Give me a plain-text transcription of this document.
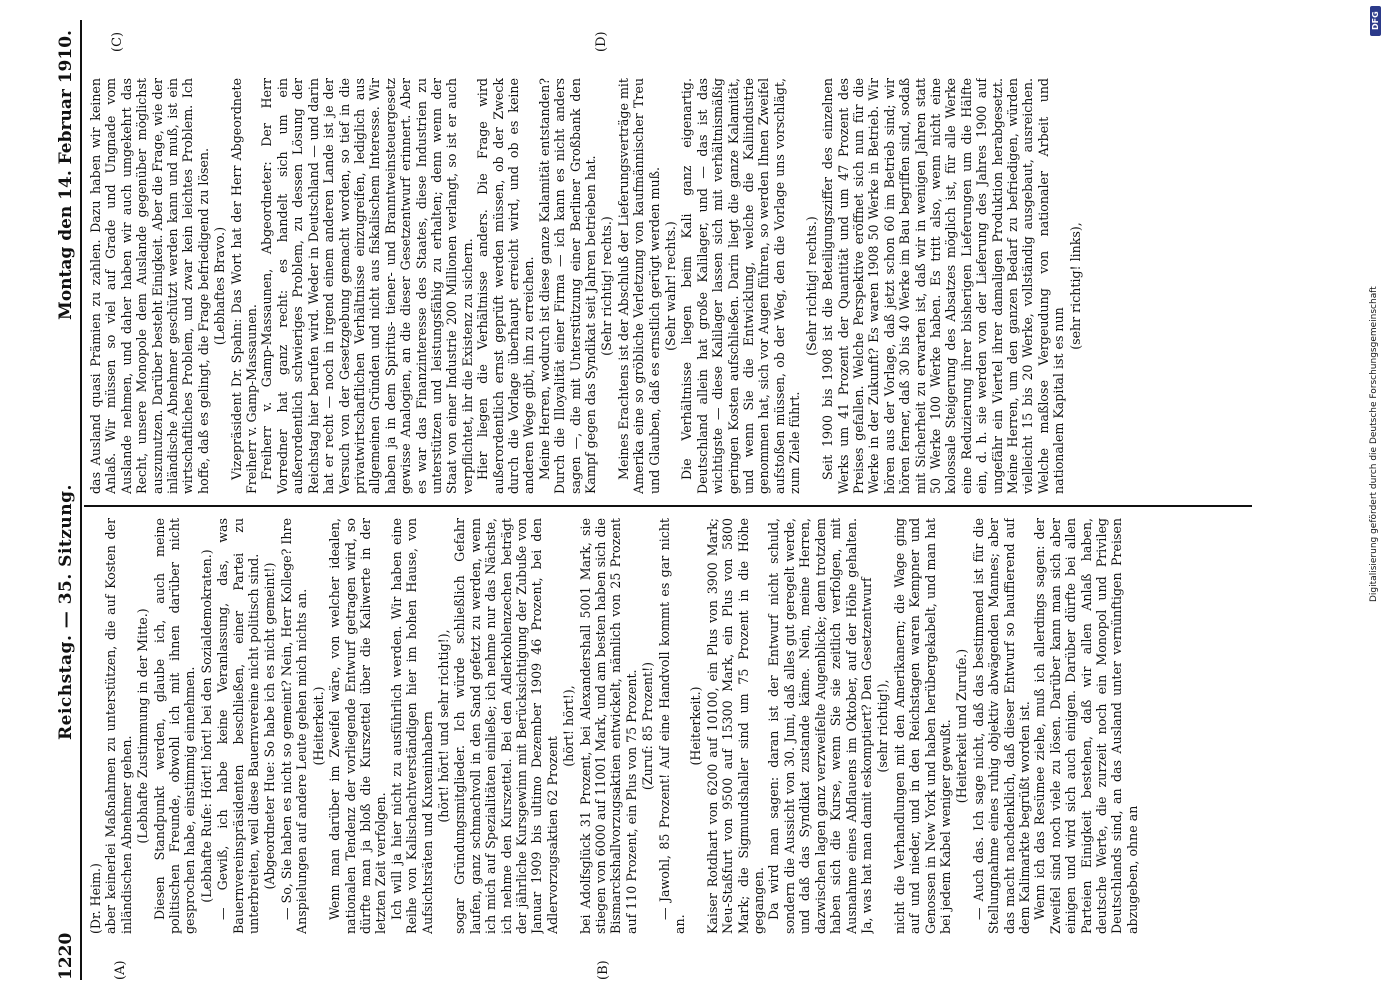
1220
Reichstag. — 35. Sitzung.
Montag den 14. Februar 1910.
(A)	(B)
(C)	(D)

(Dr. Heim.) aber keinerlei Maßnahmen zu unterstützen, die auf Kosten der inländischen Abnehmer gehen. (Lebhafte Zustimmung in der Mitte.) Diesen Standpunkt werden, glaube ich, auch meine politischen Freunde, obwohl ich mit ihnen darüber nicht gesprochen habe, einstimmig einnehmen. (Lebhafte Rufe: Hört! hört! bei den Sozialdemokraten.) — Gewiß, ich habe keine Veranlassung, das, was Bauernvereinspräsidenten beschließen, einer Partei zu unterbreiten, weil diese Bauernvereine nicht politisch sind. (Abgeordneter Hue: So habe ich es nicht gemeint!) — So, Sie haben es nicht so gemeint? Nein, Herr Kollege? Ihre Anspielungen auf andere Leute gehen mich nichts an. (Heiterkeit.) Wenn man darüber im Zweifel wäre, von welcher idealen, nationalen Tendenz der vorliegende Entwurf getragen wird, so dürfte man ja bloß die Kurszettel über die Kaliwerte in der letzten Zeit verfolgen. Ich will ja hier nicht zu ausführlich werden. Wir haben eine Reihe von Kalischachtverständigen hier im hohen Hause, von Aufsichtsräten und Kuxeninhabern (hört! hört! und sehr richtig!), sogar Gründungsmitglieder. Ich würde schließlich Gefahr laufen, ganz schmachvoll in den Sand gefetzt zu werden, wenn ich mich auf Spezialitäten einließe; ich nehme nur das Nächste, ich nehme den Kurszettel. Bei den Adlerkohlenzechen beträgt der jährliche Kursgewinn mit Berücksichtigung der Zubuße von Januar 1909 bis ultimo Dezember 1909 46 Prozent, bei den Adlervorzugsaktien 62 Prozent

(hört! hört!), bei Adolfsglück 31 Prozent, bei Alexandershall 5001 Mark, sie stiegen von 6000 auf 11001 Mark, und am besten haben sich die Bismarckshallvorzugsaktien entwickelt, nämlich von 25 Prozent auf 110 Prozent, ein Plus von 75 Prozent. (Zuruf: 85 Prozent!) — Jawohl, 85 Prozent! Auf eine Handvoll kommt es gar nicht an.

(Heiterkeit.) Kaiser Rotdhart von 6200 auf 10100, ein Plus von 3900 Mark; Neu-Staßfurt von 9500 auf 15300 Mark, ein Plus von 5800 Mark; die Sigmundshaller sind um 75 Prozent in die Höhe gegangen. Da wird man sagen: daran ist der Entwurf nicht schuld, sondern die Aussicht von 30. Juni, daß alles gut geregelt werde, und daß das Syndikat zustande käme. Nein, meine Herren, dazwischen lagen ganz verzweifelte Augenblicke; denn trotzdem haben sich die Kurse, wenn Sie sie zeitlich verfolgen, mit Ausnahme eines Abflauens im Oktober, auf der Höhe gehalten. Ja, was hat man damit eskomptiert? Den Gesetzentwurf (sehr richtig!), nicht die Verhandlungen mit den Amerikanern; die Wage ging auf und nieder, und in den Reichstagen waren Kempner und Genossen in New York und haben herübergekabelt, und man hat bei jedem Kabel weniger gewußt. (Heiterkeit und Zurufe.) — Auch das. Ich sage nicht, daß das bestimmend ist für die Stellungnahme eines ruhig objektiv abwägenden Mannes; aber das macht nachdenklich, daß dieser Entwurf so hauffierend auf dem Kalimarkte begrüßt worden ist. Wenn ich das Resümee ziehe, muß ich allerdings sagen: der Zweifel sind noch viele zu lösen. Darüber kann man sich aber einigen und wird sich auch einigen. Darüber dürfte bei allen Parteien Einigkeit bestehen, daß wir allen Anlaß haben, deutsche Werte, die zurzeit noch ein Monopol und Privileg Deutschlands sind, an das Ausland unter vernünftigen Preisen abzugeben, ohne an

das Ausland quasi Prämien zu zahlen. Dazu haben wir keinen Anlaß. Wir müssen so viel auf Grade und Ungnade vom Auslande nehmen, und daher haben wir auch umgekehrt das Recht, unsere Monopole dem Auslande gegenüber möglichst auszunutzen. Darüber besteht Einigkeit. Aber die Frage, wie der inländische Abnehmer geschützt werden kann und muß, ist ein wirtschaftliches Problem, und zwar kein leichtes Problem. Ich hoffe, daß es gelingt, die Frage befriedigend zu lösen. (Lebhaftes Bravo.) Vizepräsident Dr. Spahn: Das Wort hat der Herr Abgeordnete Freiherr v. Gamp-Massaunen. Freiherr v. Gamp-Massaunen, Abgeordneter: Der Herr Vorredner hat ganz recht: es handelt sich um ein außerordentlich schwieriges Problem, zu dessen Lösung der Reichstag hier berufen wird. Weder in Deutschland — und darin hat er recht — noch in irgend einem anderen Lande ist je der Versuch von der Gesetzgebung gemacht worden, so tief in die privatwirtschaftlichen Verhältnisse einzugreifen, lediglich aus allgemeinen Gründen und nicht aus fiskalischem Interesse. Wir haben ja in dem Spiritus- tiener- und Branntweinsteuergesetz gewisse Analogien, an die dieser Gesetzentwurf erinnert. Aber es war das Finanzinteresse des Staates, diese Industrien zu unterstützen und leistungsfähig zu erhalten; denn wenn der Staat von einer Industrie 200 Millionen verlangt, so ist er auch verpflichtet, ihr die Existenz zu sichern. Hier liegen die Verhältnisse anders. Die Frage wird außerordentlich ernst geprüft werden müssen, ob der Zweck durch die Vorlage überhaupt erreicht wird, und ob es keine anderen Wege gibt, ihn zu erreichen. Meine Herren, wodurch ist diese ganze Kalamität entstanden? Durch die Illoyalität einer Firma — ich kann es nicht anders sagen —, die mit Unterstützung einer Berliner Großbank den Kampf gegen das Syndikat seit Jahren betrieben hat. (Sehr richtig! rechts.) Meines Erachtens ist der Abschluß der Lieferungsverträge mit Amerika eine so gröbliche Verletzung von kaufmännischer Treu und Glauben, daß es ernstlich gerügt werden muß. (Sehr wahr! rechts.) Die Verhältnisse liegen beim Kali ganz eigenartig. Deutschland allein hat große Kalilager, und — das ist das wichtigste — diese Kalilager lassen sich mit verhältnismäßig geringen Kosten aufschließen. Darin liegt die ganze Kalamität, und wenn Sie die Entwicklung, welche die Kaliindustrie genommen hat, sich vor Augen führen, so werden Ihnen Zweifel aufstoßen müssen, ob der Weg, den die Vorlage uns vorschlägt, zum Ziele führt.

(Sehr richtig! rechts.) Seit 1900 bis 1908 ist die Beteiligungsziffer des einzelnen Werks um 41 Prozent der Quantität und um 47 Prozent des Preises gefallen. Welche Perspektive eröffnet sich nun für die Werke in der Zukunft? Es waren 1908 50 Werke in Betrieb. Wir hören aus der Vorlage, daß jetzt schon 60 im Betrieb sind; wir hören ferner, daß 30 bis 40 Werke im Bau begriffen sind, sodaß mit Sicherheit zu erwarten ist, daß wir in wenigen Jahren statt 50 Werke 100 Werke haben. Es tritt also, wenn nicht eine kolossale Steigerung des Absatzes möglich ist, für alle Werke eine Reduzierung ihrer bisherigen Lieferungen um die Hälfte ein, d. h. sie werden von der Lieferung des Jahres 1900 auf ungefähr ein Viertel ihrer damaligen Produktion herabgesetzt. Meine Herren, um den ganzen Bedarf zu befriedigen, würden vielleicht 15 bis 20 Werke, vollständig ausgebaut, ausreichen. Welche maßlose Vergeudung von nationaler Arbeit und nationalem Kapital ist es nun

(sehr richtig! links),

DFG
Digitalisierung gefördert durch die Deutsche Forschungsgemeinschaft
